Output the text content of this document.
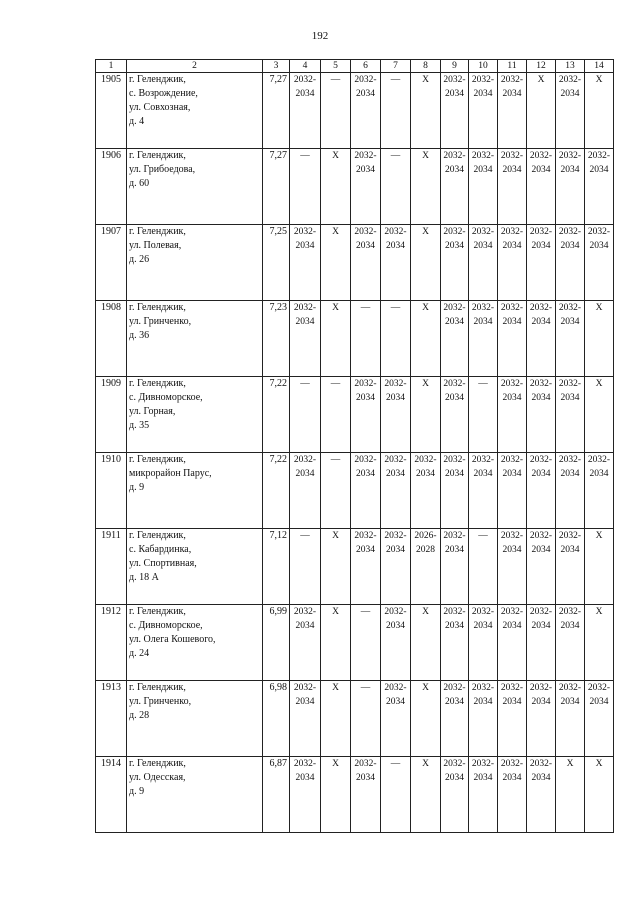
192
1	2	3	4	5	6	7	8	9	10	11	12	13	14
1905	г. Геленджик,
с. Возрождение,
ул. Совхозная,
д. 4	7,27	2032-
2034	—	2032-
2034	—	X	2032-
2034	2032-
2034	2032-
2034	X	2032-
2034	X

1906	г. Геленджик,
ул. Грибоедова,
д. 60	7,27	—	X	2032-
2034	—	X	2032-
2034	2032-
2034	2032-
2034	2032-
2034	2032-
2034	2032-
2034

1907	г. Геленджик,
ул. Полевая,
д. 26	7,25	2032-
2034	X	2032-
2034	2032-
2034	X	2032-
2034	2032-
2034	2032-
2034	2032-
2034	2032-
2034	2032-
2034

1908	г. Геленджик,
ул. Гринченко,
д. 36	7,23	2032-
2034	X	—	—	X	2032-
2034	2032-
2034	2032-
2034	2032-
2034	2032-
2034	X

1909	г. Геленджик,
с. Дивноморское,
ул. Горная,
д. 35	7,22	—	—	2032-
2034	2032-
2034	X	2032-
2034	—	2032-
2034	2032-
2034	2032-
2034	X

1910	г. Геленджик,
микрорайон Парус,
д. 9	7,22	2032-
2034	—	2032-
2034	2032-
2034	2032-
2034	2032-
2034	2032-
2034	2032-
2034	2032-
2034	2032-
2034	2032-
2034

1911	г. Геленджик,
с. Кабардинка,
ул. Спортивная,
д. 18 А	7,12	—	X	2032-
2034	2032-
2034	2026-
2028	2032-
2034	—	2032-
2034	2032-
2034	2032-
2034	X

1912	г. Геленджик,
с. Дивноморское,
ул. Олега Кошевого,
д. 24	6,99	2032-
2034	X	—	2032-
2034	X	2032-
2034	2032-
2034	2032-
2034	2032-
2034	2032-
2034	X

1913	г. Геленджик,
ул. Гринченко,
д. 28	6,98	2032-
2034	X	—	2032-
2034	X	2032-
2034	2032-
2034	2032-
2034	2032-
2034	2032-
2034	2032-
2034

1914	г. Геленджик,
ул. Одесская,
д. 9	6,87	2032-
2034	X	2032-
2034	—	X	2032-
2034	2032-
2034	2032-
2034	2032-
2034	X	X
